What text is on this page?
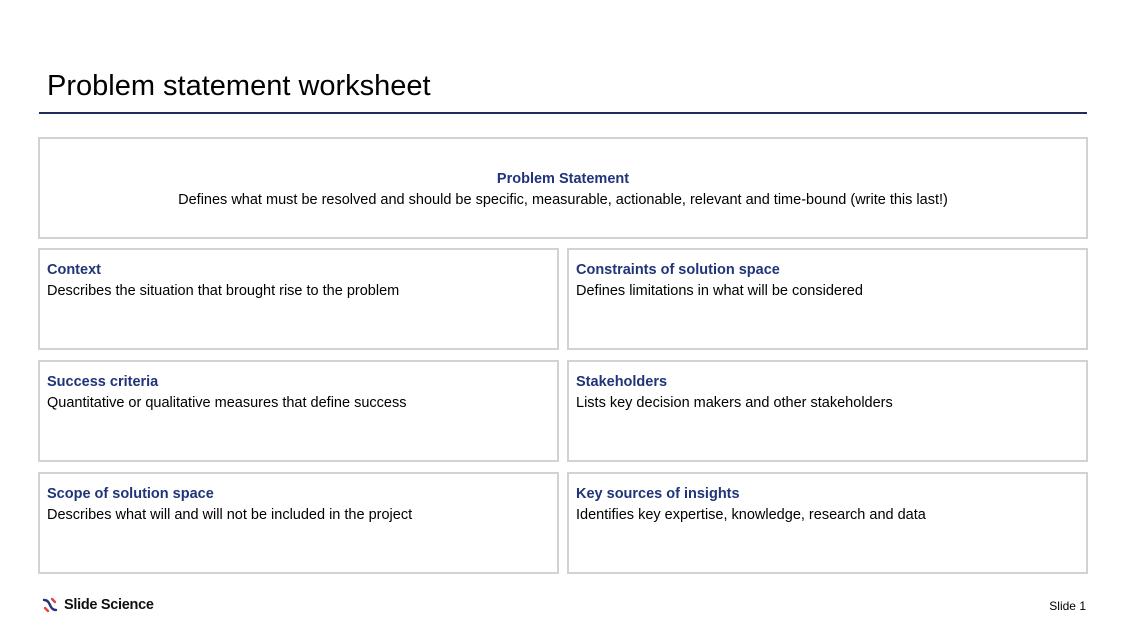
Problem statement worksheet
Problem Statement
Defines what must be resolved and should be specific, measurable, actionable, relevant and time-bound (write this last!)
Context
Describes the situation that brought rise to the problem
Constraints of solution space
Defines limitations in what will be considered
Success criteria
Quantitative or qualitative measures that define success
Stakeholders
Lists key decision makers and other stakeholders
Scope of solution space
Describes what will and will not be included in the project
Key sources of insights
Identifies key expertise, knowledge, research and data
Slide Science	Slide 1
